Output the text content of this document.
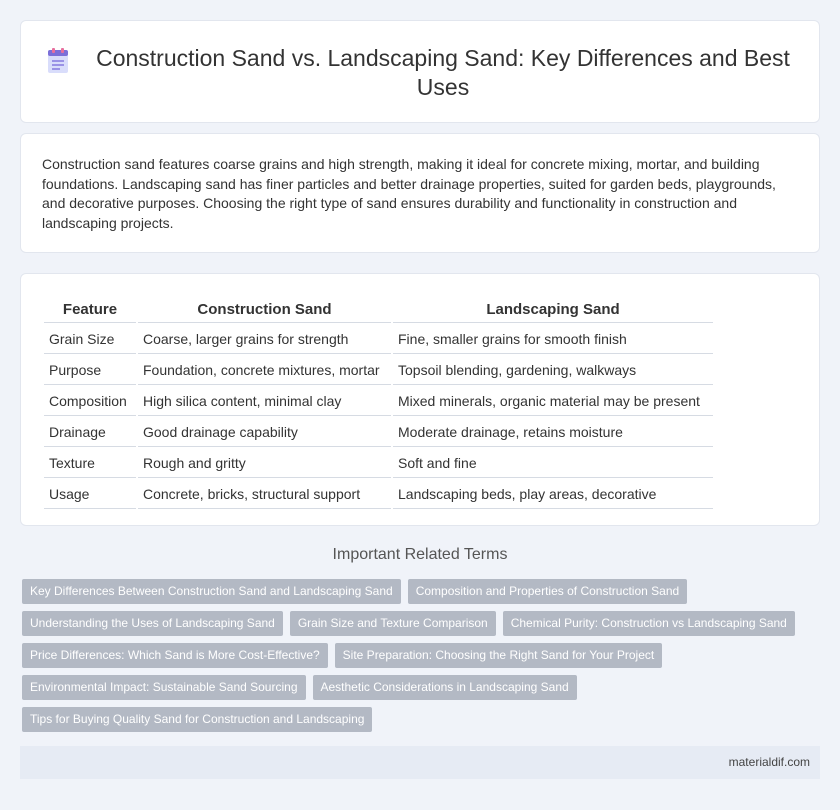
Construction Sand vs. Landscaping Sand: Key Differences and Best Uses

Construction sand features coarse grains and high strength, making it ideal for concrete mixing, mortar, and building foundations. Landscaping sand has finer particles and better drainage properties, suited for garden beds, playgrounds, and decorative purposes. Choosing the right type of sand ensures durability and functionality in construction and landscaping projects.

Feature	Construction Sand	Landscaping Sand
Grain Size	Coarse, larger grains for strength	Fine, smaller grains for smooth finish
Purpose	Foundation, concrete mixtures, mortar	Topsoil blending, gardening, walkways
Composition	High silica content, minimal clay	Mixed minerals, organic material may be present
Drainage	Good drainage capability	Moderate drainage, retains moisture
Texture	Rough and gritty	Soft and fine
Usage	Concrete, bricks, structural support	Landscaping beds, play areas, decorative
Important Related Terms
Key Differences Between Construction Sand and Landscaping Sand	Composition and Properties of Construction Sand
Understanding the Uses of Landscaping Sand	Grain Size and Texture Comparison	Chemical Purity: Construction vs Landscaping Sand
Price Differences: Which Sand is More Cost-Effective?	Site Preparation: Choosing the Right Sand for Your Project
Environmental Impact: Sustainable Sand Sourcing	Aesthetic Considerations in Landscaping Sand
Tips for Buying Quality Sand for Construction and Landscaping
materialdif.com
